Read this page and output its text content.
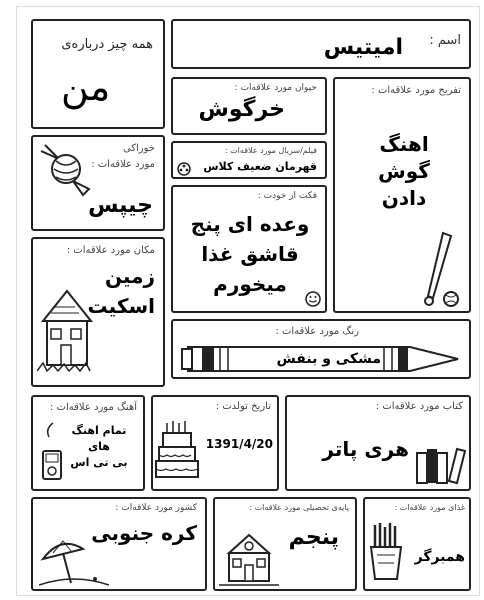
اسم :
امیتیس
همه چیز درباره‌ی
من	حیوان مورد علاقه‌ات :
خرگوش
تفریح مورد علاقه‌ات :
اهنگ
گوش
دادن
فیلم/سریال مورد علاقه‌ات :
قهرمان ضعیف کلاس
خوراکی
مورد علاقه‌ات :
چیپس	فکت از خودت :
وعده ای پنج
قاشق غذا
میخورم
مکان مورد علاقه‌ات :
زمین
اسکیت
رنگ مورد علاقه‌ات :
مشکی و بنفش
آهنگ مورد علاقه‌ات :
تمام اهنگ های
بی تی اس
تاریخ تولدت :
1391/4/20
کتاب مورد علاقه‌ات :
هری پاتر
کشور مورد علاقه‌ات :
کره جنوبی
پایه‌ی تحصیلی مورد علاقه‌ات :
پنجم
غذای مورد علاقه‌ات :
همبرگر
